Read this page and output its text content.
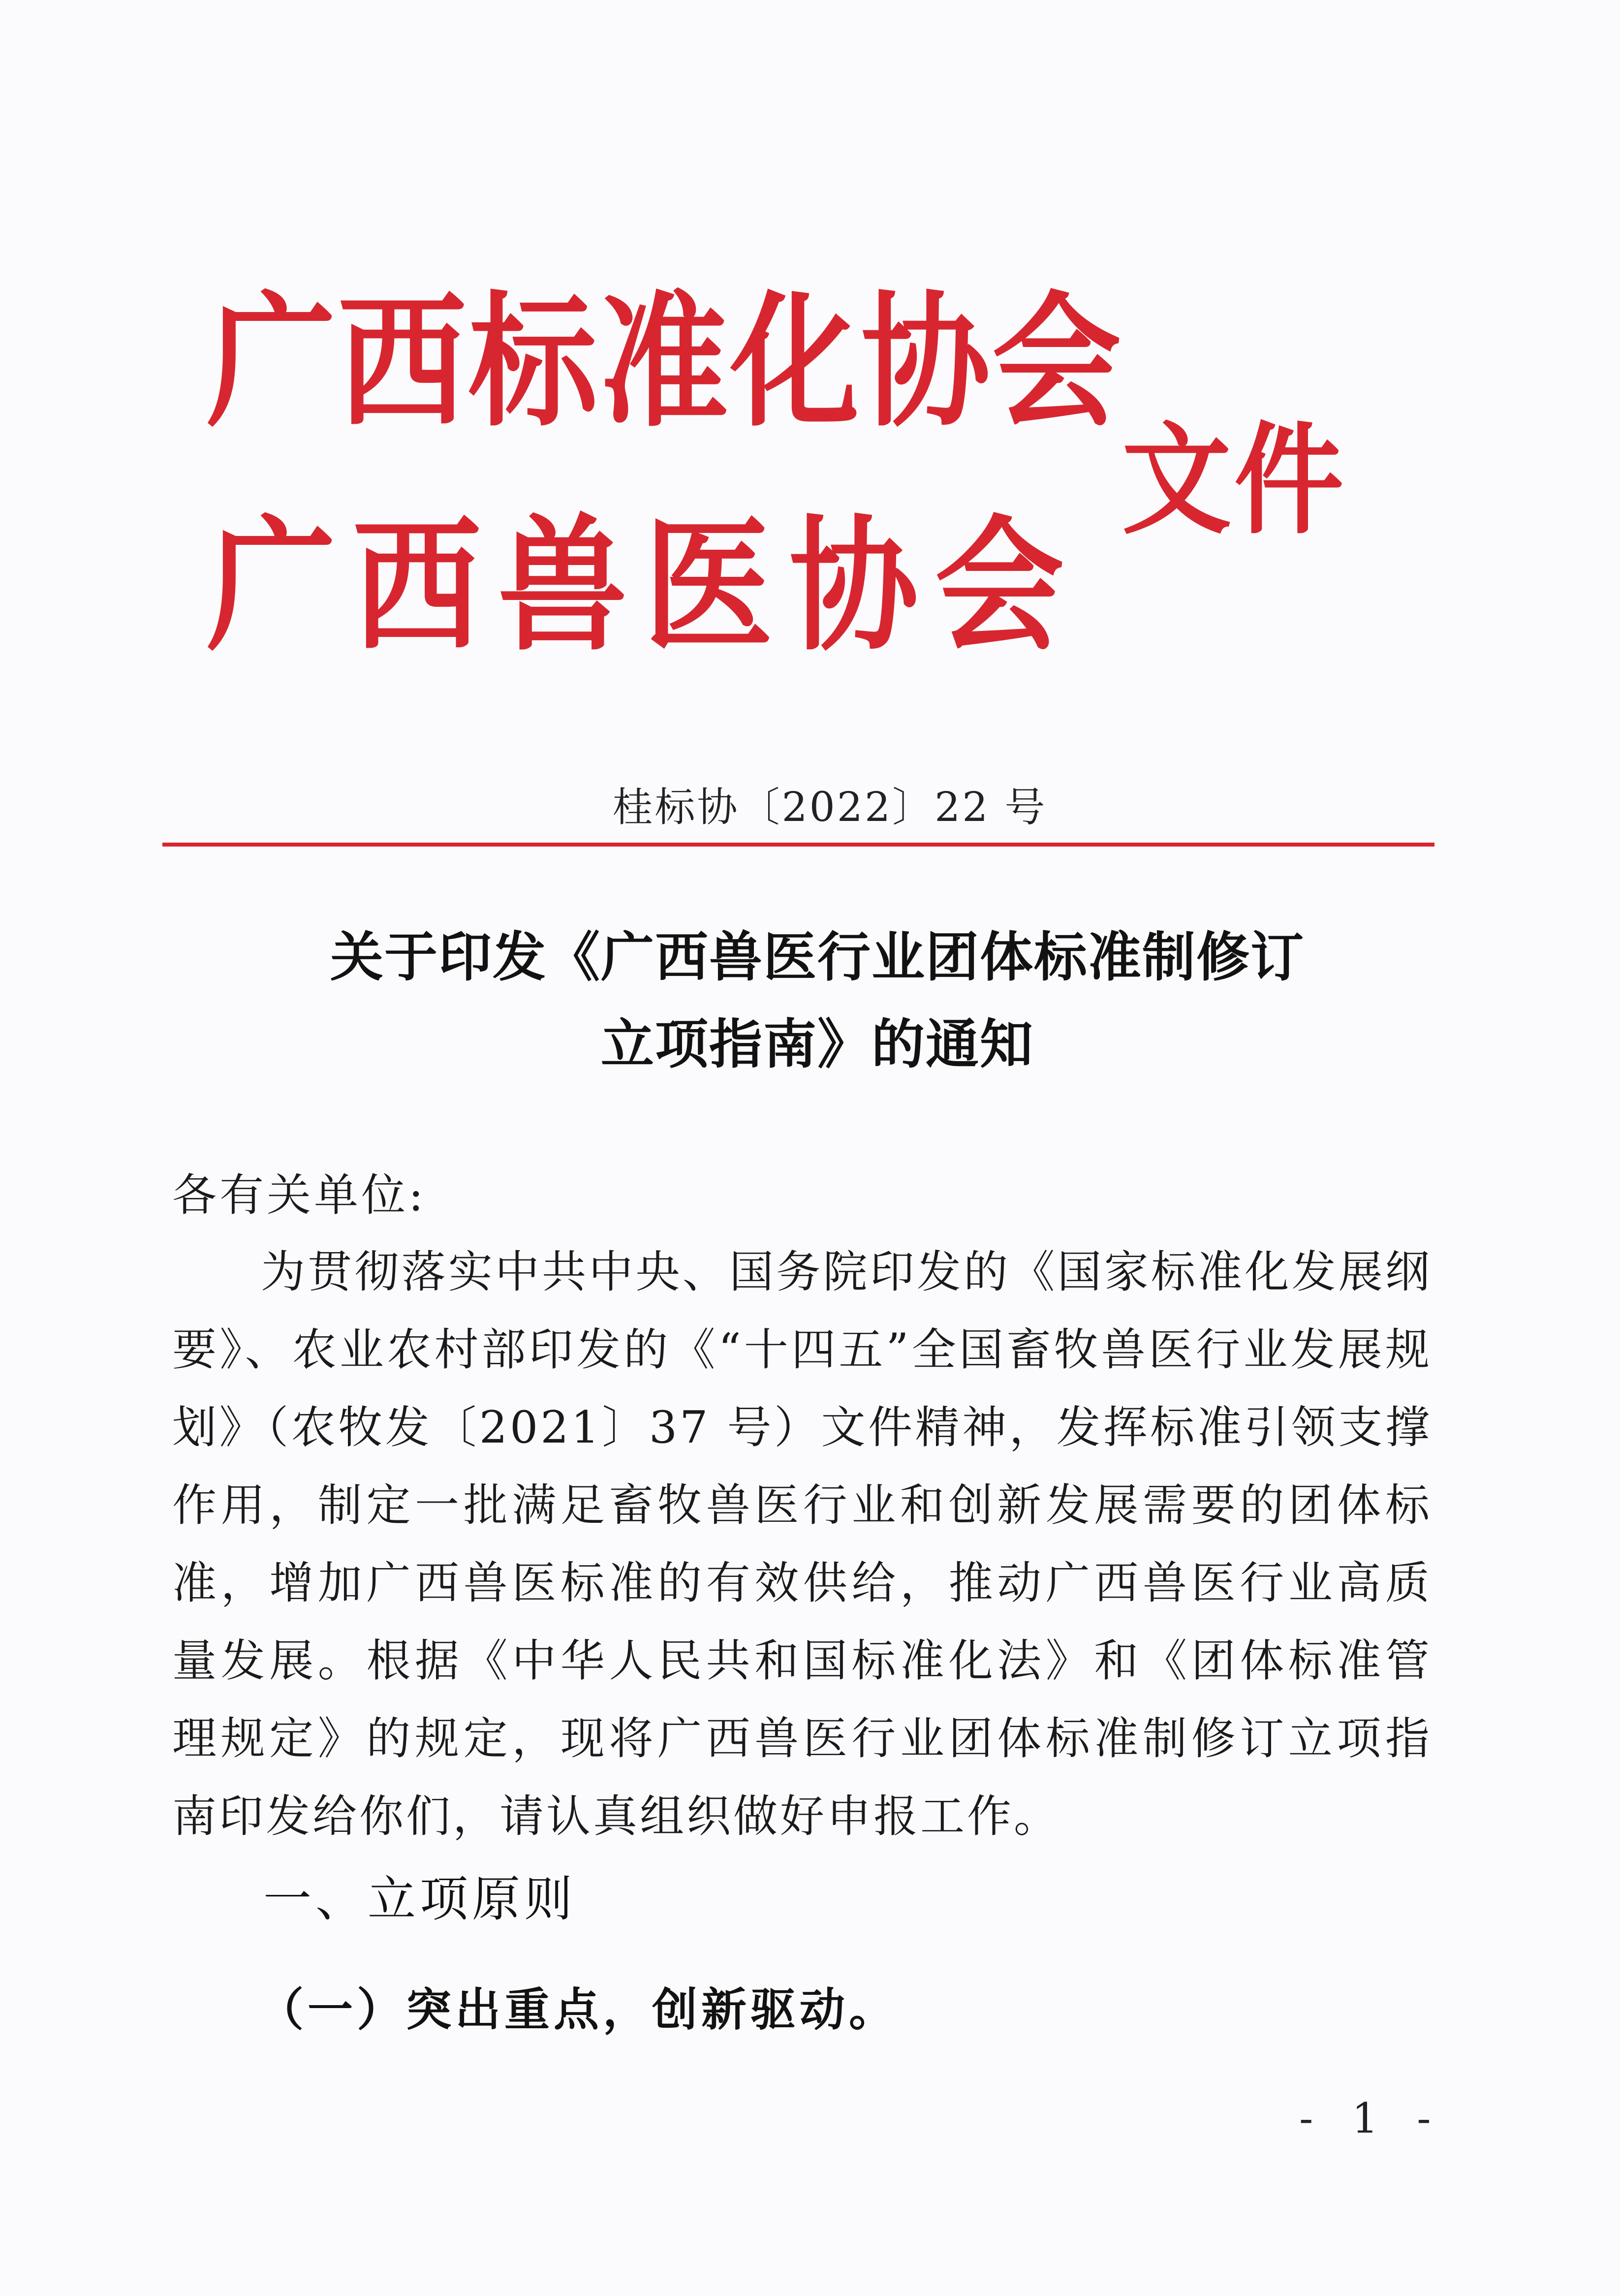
广西标准化协会
广西兽医协会
文件
桂标协〔2022〕22 号
关于印发《广西兽医行业团体标准制修订
立项指南》的通知
各有关单位:
为贯彻落实中共中央、国务院印发的《国家标准化发展纲要》、农业农村部印发的《“十四五”全国畜牧兽医行业发展规划》（农牧发〔2021〕37 号）文件精神，发挥标准引领支撑作用，制定一批满足畜牧兽医行业和创新发展需要的团体标准，增加广西兽医标准的有效供给，推动广西兽医行业高质量发展。根据《中华人民共和国标准化法》和《团体标准管理规定》的规定，现将广西兽医行业团体标准制修订立项指南印发给你们，请认真组织做好申报工作。
一、立项原则
（一）突出重点，创新驱动。
- 1 -
